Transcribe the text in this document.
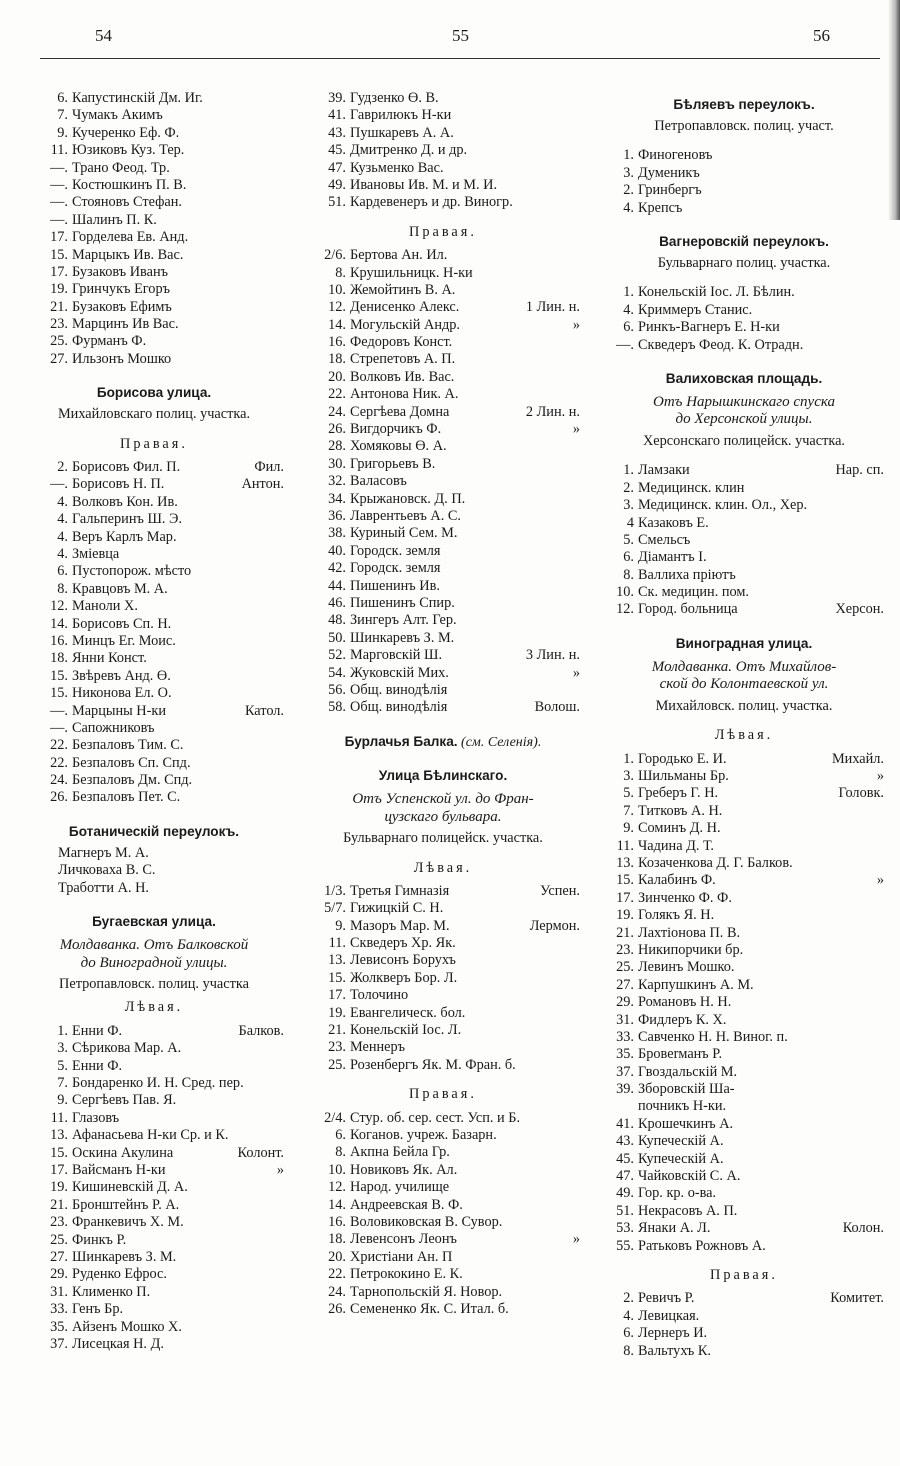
54	55	56
6. Капустинскій Дм. Иг.
7. Чумакъ Акимъ
9. Кучеренко Еф. Ф.
11. Юзиковъ Куз. Тер.
—. Трано Феод. Тр.
—. Костюшкинъ П. В.
—. Стояновъ Стефан.
—. Шалинъ П. К.
17. Горделева Ев. Анд.
15. Марцыкъ Ив. Вас.
17. Бузаковъ Иванъ
19. Гринчукъ Егоръ
21. Бузаковъ Ефимъ
23. Марцинъ Ив Вас.
25. Фурманъ Ф.
27. Ильзонъ Мошко
Борисова улица.
Михайловскаго полиц. участка.
Правая.
2. Борисовъ Фил. П.	Фил.
—. Борисовъ Н. П.	Антон.
4. Волковъ Кон. Ив.
4. Гальперинъ Ш. Э.
4. Веръ Карлъ Мар.
4. Зміевца
6. Пустопорож. мѣсто
8. Кравцовъ М. А.
12. Маноли Х.
14. Борисовъ Сп. Н.
16. Минцъ Ег. Моис.
18. Янни Конст.
15. Звѣревъ Анд. Ө.
15. Никонова Ел. О.
—. Марцыны Н-ки	Катол.
—. Сапожниковъ
22. Безпаловъ Тим. С.
22. Безпаловъ Сп. Спд.
24. Безпаловъ Дм. Спд.
26. Безпаловъ Пет. С.
Ботаническій переулокъ.
Магнеръ М. А.
Личковаха В. С.
Тработти А. Н.
Бугаевская улица.
Молдаванка. Отъ Балковской
до Виноградной улицы.
Петропавловск. полиц. участка
Лѣвая.
1. Енни Ф.	Балков.
3. Сѣрикова Мар. А.
5. Енни Ф.
7. Бондаренко И. Н. Сред. пер.
9. Сергѣевъ Пав. Я.
11. Глазовъ
13. Афанасьева Н-ки Ср. и К.
15. Оскина Акулина	Колонт.
17. Вайсманъ Н-ки	»
19. Кишиневскій Д. А.
21. Бронштейнъ Р. А.
23. Франкевичъ Х. М.
25. Финкъ Р.
27. Шинкаревъ З. М.
29. Руденко Ефрос.
31. Клименко П.
33. Генъ Бр.
35. Айзенъ Мошко Х.
37. Лисецкая Н. Д.
39. Гудзенко Ө. В.
41. Гаврилюкъ Н-ки
43. Пушкаревъ А. А.
45. Дмитренко Д. и др.
47. Кузьменко Вас.
49. Ивановы Ив. М. и М. И.
51. Кардевенеръ и др. Виногр.
Правая.
2/6. Бертова Ан. Ил.
8. Крушильницк. Н-ки
10. Жемойтинъ В. А.
12. Денисенко Алекс.	1 Лин. н.
14. Могульскій Андр.	»
16. Федоровъ Конст.
18. Стрепетовъ А. П.
20. Волковъ Ив. Вас.
22. Антонова Ник. А.
24. Сергѣева Домна	2 Лин. н.
26. Вигдорчикъ Ф.	»
28. Хомяковы Ө. А.
30. Григорьевъ В.
32. Валасовъ
34. Крыжановск. Д. П.
36. Лаврентьевъ А. С.
38. Куриный Сем. М.
40. Городск. земля
42. Городск. земля
44. Пишенинъ Ив.
46. Пишенинъ Спир.
48. Зингеръ Алт. Гер.
50. Шинкаревъ З. М.
52. Марговскій Ш.	3 Лин. н.
54. Жуковскій Мих.	»
56. Общ. винодѣлія
58. Общ. винодѣлія	Волош.
Бурлачья Балка. (см. Селенія).
Улица Бѣлинскаго.
Отъ Успенской ул. до Фран-
цузскаго бульвара.
Бульварнаго полицейск. участка.
Лѣвая.
1/3. Третья Гимназія	Успен.
5/7. Гижицкій С. Н.
9. Мазоръ Мар. М.	Лермон.
11. Скведеръ Хр. Як.
13. Левисонъ Борухъ
15. Жолкверъ Бор. Л.
17. Толочино
19. Евангелическ. бол.
21. Конельскій Іос. Л.
23. Меннеръ
25. Розенбергъ Як. М. Фран. б.
Правая.
2/4. Стур. об. сер. сест. Усп. и Б.
6. Коганов. учреж. Базарн.
8. Акпна Бейла Гр.
10. Новиковъ Як. Ал.
12. Народ. училище
14. Андреевская В. Ф.
16. Воловиковская В. Сувор.
18. Левенсонъ Леонъ	»
20. Христіани Ан. П
22. Петрококино Е. К.
24. Тарнопольскій Я. Новор.
26. Семененко Як. С. Итал. б.
Бѣляевъ переулокъ.
Петропавловск. полиц. участ.
1. Финогеновъ
3. Думеникъ
2. Гринбергъ
4. Крепсъ
Вагнеровскій переулокъ.
Бульварнаго полиц. участка.
1. Конельскій Іос. Л. Бѣлин.
4. Криммеръ Станис.
6. Ринкъ-Вагнеръ Е. Н-ки
—. Скведеръ Феод. К. Отрадн.
Валиховская площадь.
Отъ Нарышкинскаго спуска
до Херсонской улицы.
Херсонскаго полицейск. участка.
1. Ламзаки	Нар. сп.
2. Медицинск. клин
3. Медицинск. клин. Ол., Хер.
4 Казаковъ Е.
5. Смельсъ
6. Діамантъ І.
8. Валлиха пріютъ
10. Ск. медицин. пом.
12. Город. больница	Херсон.
Виноградная улица.
Молдаванка. Отъ Михайлов-
ской до Колонтаевской ул.
Михайловск. полиц. участка.
Лѣвая.
1. Городько Е. И.	Михайл.
3. Шильманы Бр.	»
5. Греберъ Г. Н.	Головк.
7. Титковъ А. Н.
9. Соминъ Д. Н.
11. Чадина Д. Т.
13. Козаченкова Д. Г. Балков.
15. Калабинъ Ф.	»
17. Зинченко Ф. Ф.
19. Голякъ Я. Н.
21. Лахтіонова П. В.
23. Никипорчики бр.
25. Левинъ Мошко.
27. Карпушкинъ А. М.
29. Романовъ Н. Н.
31. Фидлеръ К. Х.
33. Савченко Н. Н. Виног. п.
35. Бровerманъ Р.
37. Гвоздальскій М.
39. Зборовскій Ша-
почникъ Н-ки.
41. Крошечкинъ А.
43. Купеческій А.
45. Купеческій А.
47. Чайковскій С. А.
49. Гор. кр. о-ва.
51. Некрасовъ А. П.
53. Янаки А. Л.	Колон.
55. Ратьковъ Рожновъ А.
Правая.
2. Ревичъ Р.	Комитет.
4. Левицкая.
6. Лернеръ И.
8. Вальтухъ К.
